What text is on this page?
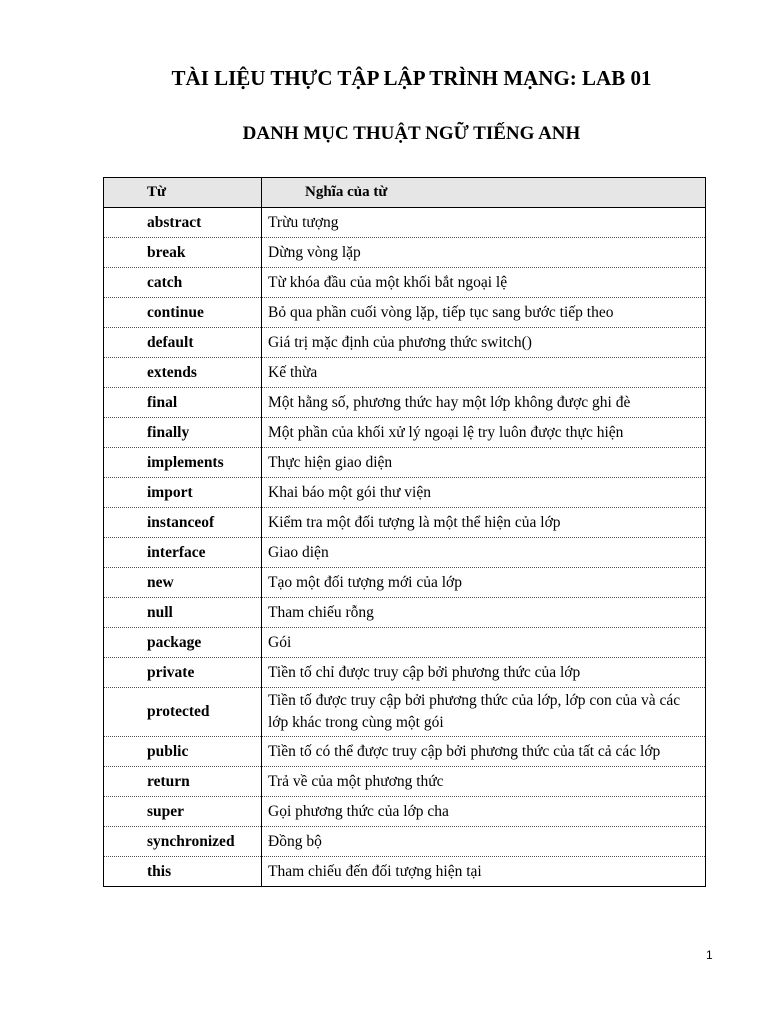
TÀI LIỆU THỰC TẬP LẬP TRÌNH MẠNG: LAB 01
DANH MỤC THUẬT NGỮ TIẾNG ANH
Từ	Nghĩa của từ
abstract	Trừu tượng
break	Dừng vòng lặp
catch	Từ khóa đầu của một khối bắt ngoại lệ
continue	Bỏ qua phần cuối vòng lặp, tiếp tục sang bước tiếp theo
default	Giá trị mặc định của phương thức switch()
extends	Kế thừa
final	Một hằng số, phương thức hay một lớp không được ghi đè
finally	Một phần của khối xử lý ngoại lệ try luôn được thực hiện
implements	Thực hiện giao diện
import	Khai báo một gói thư viện
instanceof	Kiểm tra một đối tượng là một thể hiện của lớp
interface	Giao diện
new	Tạo một đối tượng mới của lớp
null	Tham chiếu rỗng
package	Gói
private	Tiền tố chỉ được truy cập bởi phương thức của lớp
protected	Tiền tố được truy cập bởi phương thức của lớp, lớp con của và các lớp khác trong cùng một gói
public	Tiền tố có thể được truy cập bởi phương thức của tất cả các lớp
return	Trả về của một phương thức
super	Gọi phương thức của lớp cha
synchronized	Đồng bộ
this	Tham chiếu đến đối tượng hiện tại
1
